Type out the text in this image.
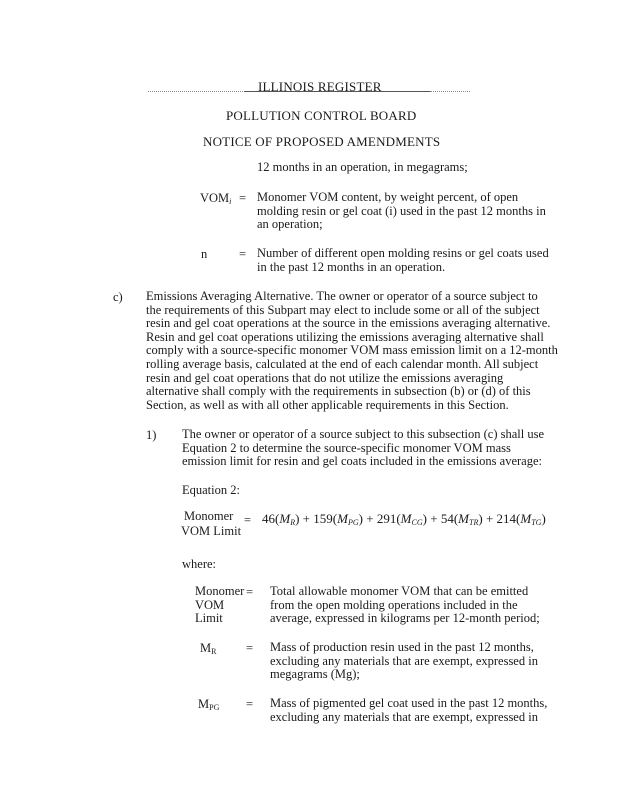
ILLINOIS REGISTER
POLLUTION CONTROL BOARD
NOTICE OF PROPOSED AMENDMENTS
12 months in an operation, in megagrams;
$VOM_i$ = Monomer VOM content, by weight percent, of open
molding resin or gel coat (i) used in the past 12 months in
an operation;
n	= Number of different open molding resins or gel coats used
in the past 12 months in an operation.
c) Emissions Averaging Alternative. The owner or operator of a source subject to
the requirements of this Subpart may elect to include some or all of the subject
resin and gel coat operations at the source in the emissions averaging alternative.
Resin and gel coat operations utilizing the emissions averaging alternative shall
comply with a source-specific monomer VOM mass emission limit on a 12-month
rolling average basis, calculated at the end of each calendar month. All subject
resin and gel coat operations that do not utilize the emissions averaging
alternative shall comply with the requirements in subsection (b) or (d) of this
Section, as well as with all other applicable requirements in this Section.
1) The owner or operator of a source subject to this subsection (c) shall use
Equation 2 to determine the source-specific monomer VOM mass
emission limit for resin and gel coats included in the emissions average:
Equation 2:
Monomer
VOM Limit
= $46(M_R) + 159(M_{PG}) + 291(M_{CG}) + 54(M_{TR}) + 214(M_{TG})$
where:
Monomer
VOM
Limit
= Total allowable monomer VOM that can be emitted
from the open molding operations included in the
average, expressed in kilograms per 12-month period;
$M_R$ = Mass of production resin used in the past 12 months,
excluding any materials that are exempt, expressed in
megagrams (Mg);
$M_{PG}$ = Mass of pigmented gel coat used in the past 12 months,
excluding any materials that are exempt, expressed in
